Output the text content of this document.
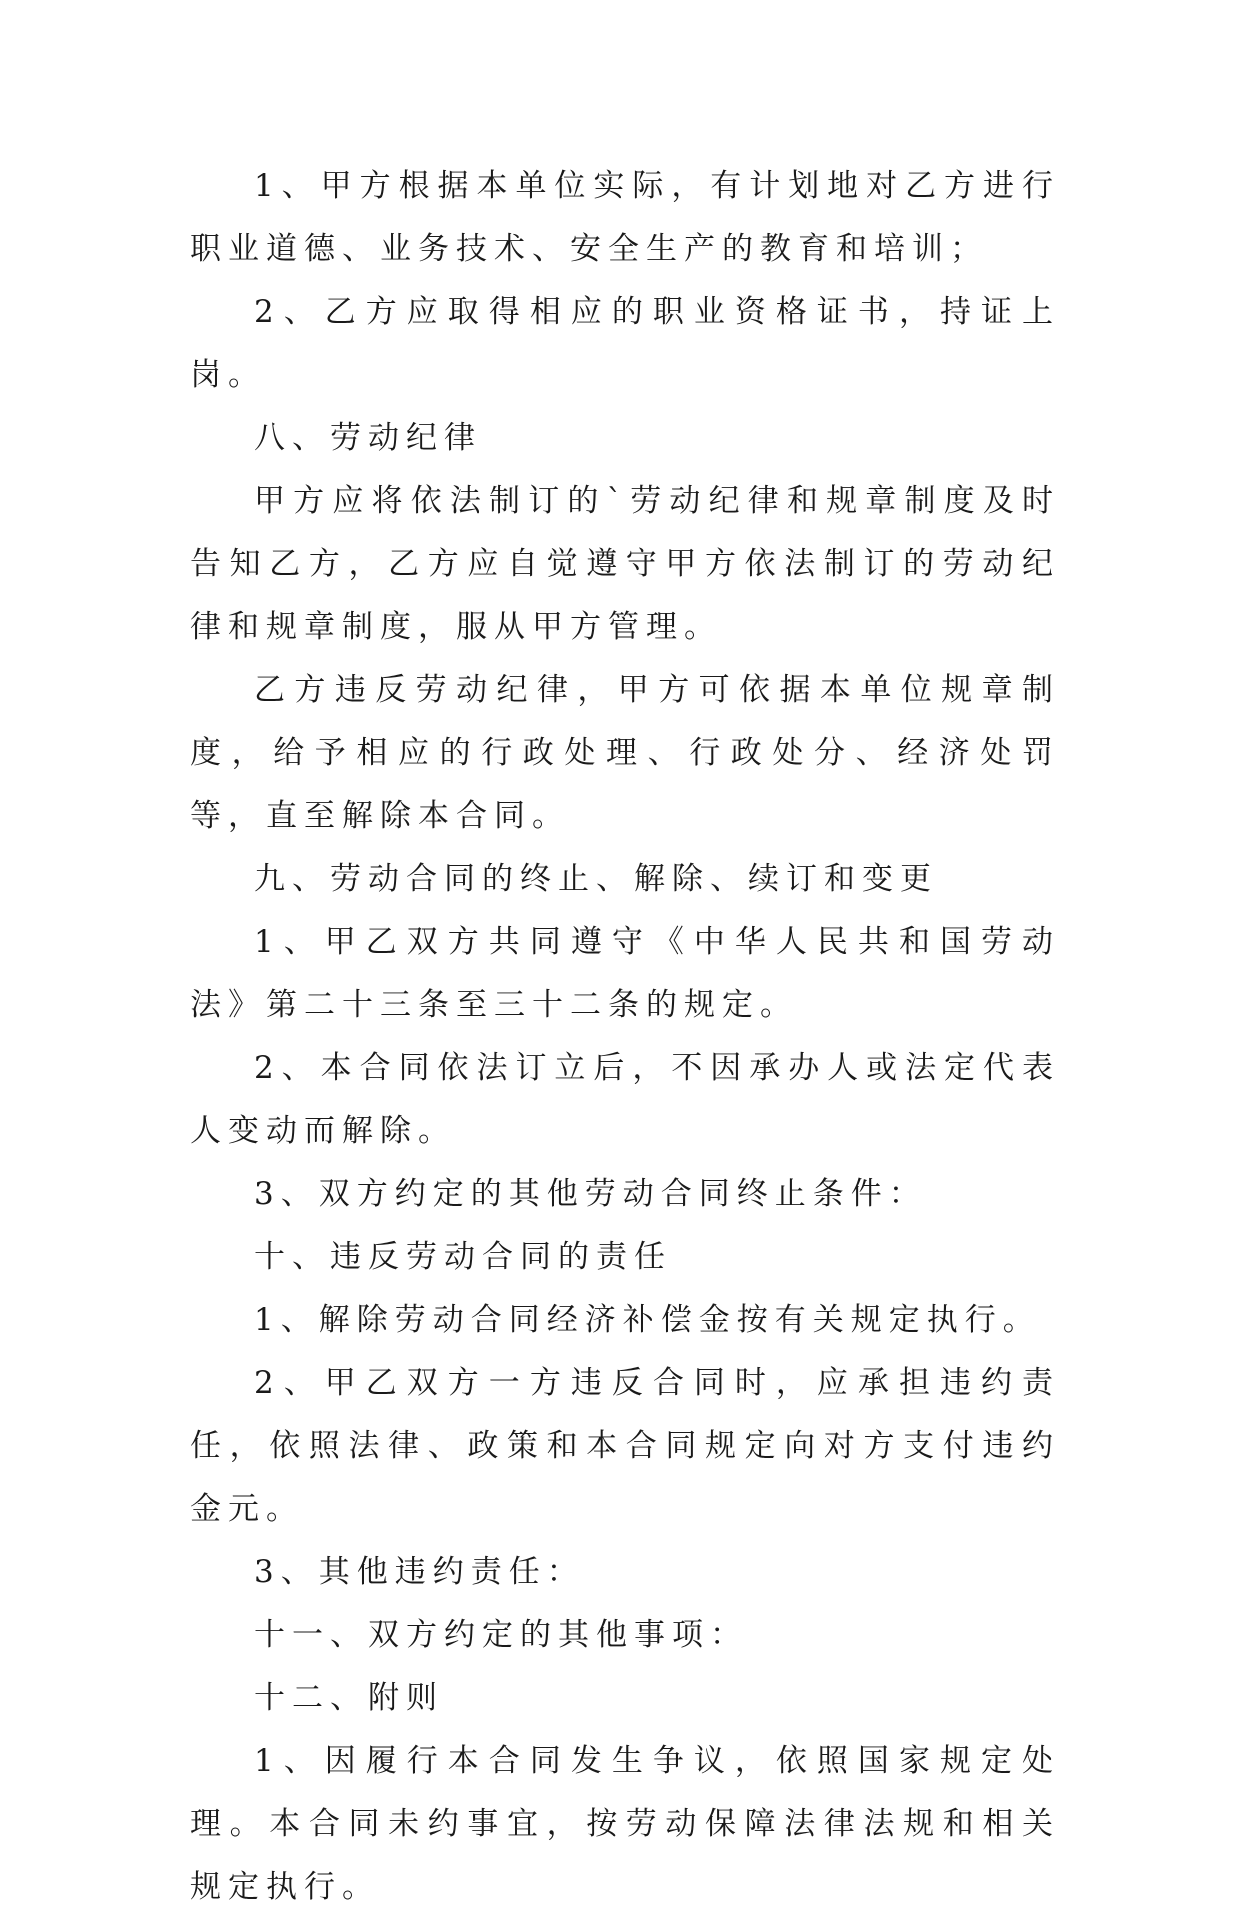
1、甲方根据本单位实际，有计划地对乙方进行职业道德、业务技术、安全生产的教育和培训；

2、乙方应取得相应的职业资格证书，持证上岗。

八、劳动纪律

甲方应将依法制订的`劳动纪律和规章制度及时告知乙方，乙方应自觉遵守甲方依法制订的劳动纪律和规章制度，服从甲方管理。

乙方违反劳动纪律，甲方可依据本单位规章制度，给予相应的行政处理、行政处分、经济处罚等，直至解除本合同。

九、劳动合同的终止、解除、续订和变更

1、甲乙双方共同遵守《中华人民共和国劳动法》第二十三条至三十二条的规定。

2、本合同依法订立后，不因承办人或法定代表人变动而解除。

3、双方约定的其他劳动合同终止条件：

十、违反劳动合同的责任

1、解除劳动合同经济补偿金按有关规定执行。

2、甲乙双方一方违反合同时，应承担违约责任，依照法律、政策和本合同规定向对方支付违约金元。

3、其他违约责任：

十一、双方约定的其他事项：

十二、附则

1、因履行本合同发生争议，依照国家规定处理。本合同未约事宜，按劳动保障法律法规和相关规定执行。
